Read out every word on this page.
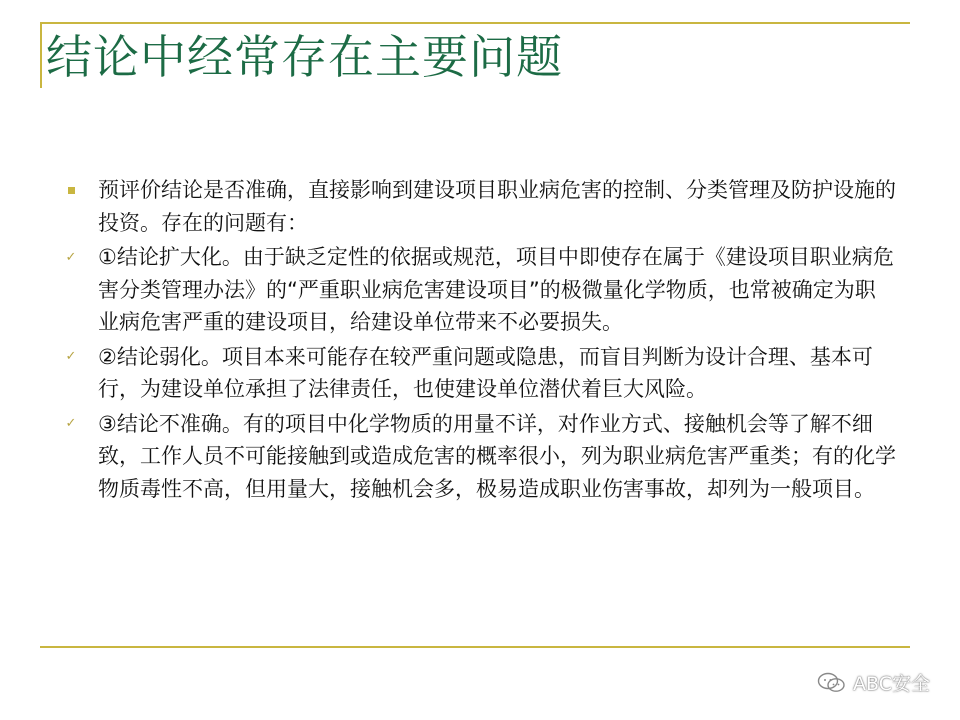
结论中经常存在主要问题
预评价结论是否准确，直接影响到建设项目职业病危害的控制、分类管理及防护设施的投资。存在的问题有：
✓ ①结论扩大化。由于缺乏定性的依据或规范，项目中即使存在属于《建设项目职业病危害分类管理办法》的“严重职业病危害建设项目”的极微量化学物质，也常被确定为职业病危害严重的建设项目，给建设单位带来不必要损失。
✓ ②结论弱化。项目本来可能存在较严重问题或隐患，而盲目判断为设计合理、基本可行，为建设单位承担了法律责任，也使建设单位潜伏着巨大风险。
✓ ③结论不准确。有的项目中化学物质的用量不详，对作业方式、接触机会等了解不细致，工作人员不可能接触到或造成危害的概率很小，列为职业病危害严重类；有的化学物质毒性不高，但用量大，接触机会多，极易造成职业伤害事故，却列为一般项目。
ABC安全
